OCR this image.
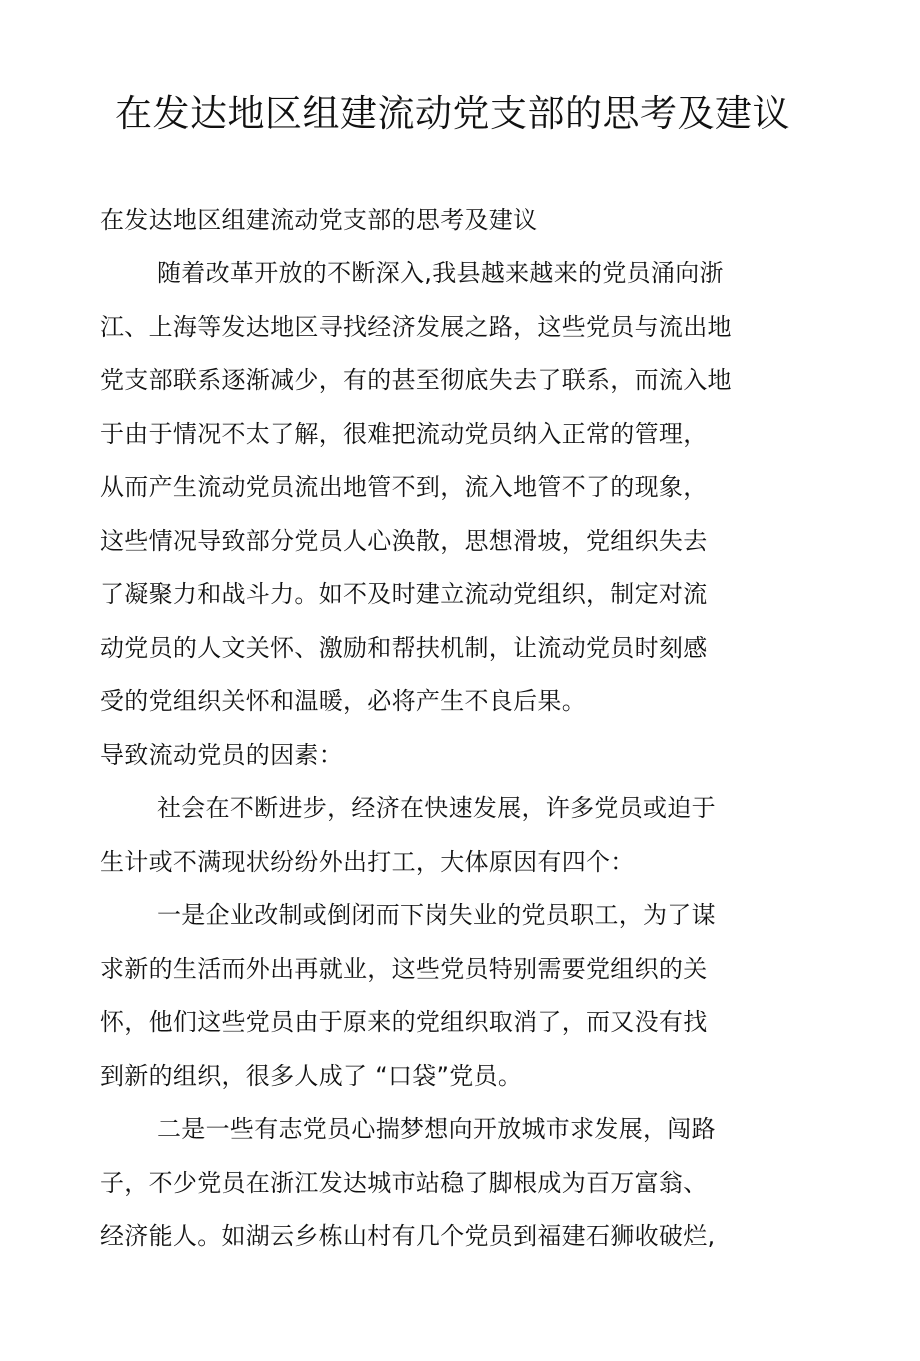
在发达地区组建流动党支部的思考及建议
在发达地区组建流动党支部的思考及建议
随着改革开放的不断深入,我县越来越来的党员涌向浙
江、上海等发达地区寻找经济发展之路，这些党员与流出地
党支部联系逐渐减少，有的甚至彻底失去了联系，而流入地
于由于情况不太了解，很难把流动党员纳入正常的管理，
从而产生流动党员流出地管不到，流入地管不了的现象，
这些情况导致部分党员人心涣散，思想滑坡，党组织失去
了凝聚力和战斗力。如不及时建立流动党组织，制定对流
动党员的人文关怀、激励和帮扶机制，让流动党员时刻感
受的党组织关怀和温暖，必将产生不良后果。
导致流动党员的因素：
社会在不断进步，经济在快速发展，许多党员或迫于
生计或不满现状纷纷外出打工，大体原因有四个：
一是企业改制或倒闭而下岗失业的党员职工，为了谋
求新的生活而外出再就业，这些党员特别需要党组织的关
怀，他们这些党员由于原来的党组织取消了，而又没有找
到新的组织，很多人成了 “口袋”党员。
二是一些有志党员心揣梦想向开放城市求发展，闯路
子，不少党员在浙江发达城市站稳了脚根成为百万富翁、
经济能人。如湖云乡栋山村有几个党员到福建石狮收破烂,
